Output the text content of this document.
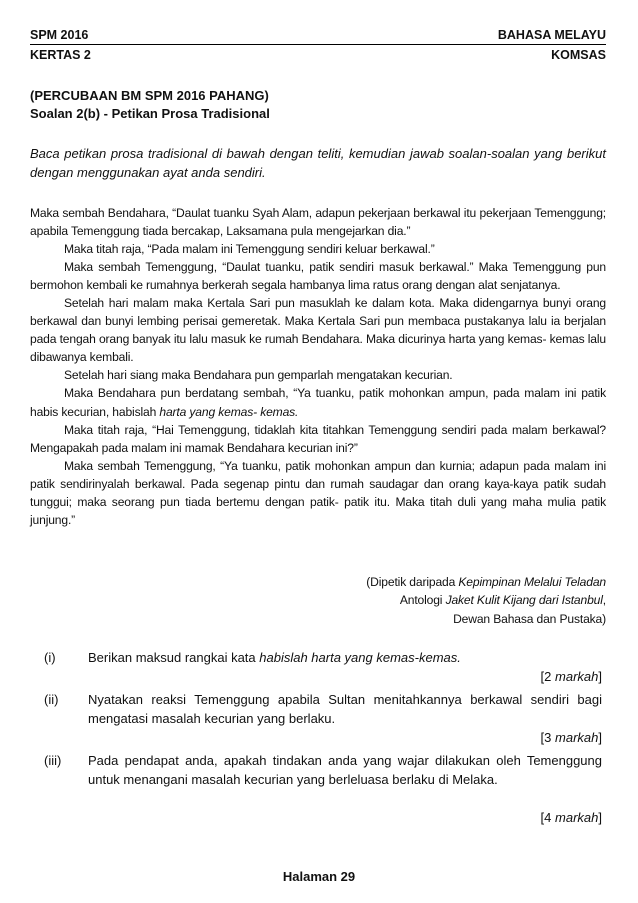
SPM 2016	BAHASA MELAYU
KERTAS 2	KOMSAS
(PERCUBAAN BM SPM 2016 PAHANG)
Soalan 2(b) - Petikan Prosa Tradisional
Baca petikan prosa tradisional di bawah dengan teliti, kemudian jawab soalan-soalan yang berikut dengan menggunakan ayat anda sendiri.

Maka sembah Bendahara, “Daulat tuanku Syah Alam, adapun pekerjaan berkawal itu pekerjaan Temenggung; apabila Temenggung tiada bercakap, Laksamana pula mengejarkan dia.”

Maka titah raja, “Pada malam ini Temenggung sendiri keluar berkawal.”

Maka sembah Temenggung, “Daulat tuanku, patik sendiri masuk berkawal.” Maka Temenggung pun bermohon kembali ke rumahnya berkerah segala hambanya lima ratus orang dengan alat senjatanya.

Setelah hari malam maka Kertala Sari pun masuklah ke dalam kota. Maka didengarnya bunyi orang berkawal dan bunyi lembing perisai gemeretak. Maka Kertala Sari pun membaca pustakanya lalu ia berjalan pada tengah orang banyak itu lalu masuk ke rumah Bendahara. Maka dicurinya harta yang kemas- kemas lalu dibawanya kembali.

Setelah hari siang maka Bendahara pun gemparlah mengatakan kecurian.

Maka Bendahara pun berdatang sembah, “Ya tuanku, patik mohonkan ampun, pada malam ini patik habis kecurian, habislah harta yang kemas- kemas.

Maka titah raja, “Hai Temenggung, tidaklah kita titahkan Temenggung sendiri pada malam berkawal? Mengapakah pada malam ini mamak Bendahara kecurian ini?”

Maka sembah Temenggung, “Ya tuanku, patik mohonkan ampun dan kurnia; adapun pada malam ini patik sendirinyalah berkawal. Pada segenap pintu dan rumah saudagar dan orang kaya-kaya patik sudah tunggui; maka seorang pun tiada bertemu dengan patik- patik itu. Maka titah duli yang maha mulia patik junjung.”

(Dipetik daripada Kepimpinan Melalui Teladan
Antologi Jaket Kulit Kijang dari Istanbul,
Dewan Bahasa dan Pustaka)
(i)	Berikan maksud rangkai kata habislah harta yang kemas-kemas.
[2 markah]
(ii)	Nyatakan reaksi Temenggung apabila Sultan menitahkannya berkawal sendiri bagi mengatasi masalah kecurian yang berlaku.
[3 markah]
(iii)	Pada pendapat anda, apakah tindakan anda yang wajar dilakukan oleh Temenggung untuk menangani masalah kecurian yang berleluasa berlaku di Melaka.
[4 markah]
Halaman 29
